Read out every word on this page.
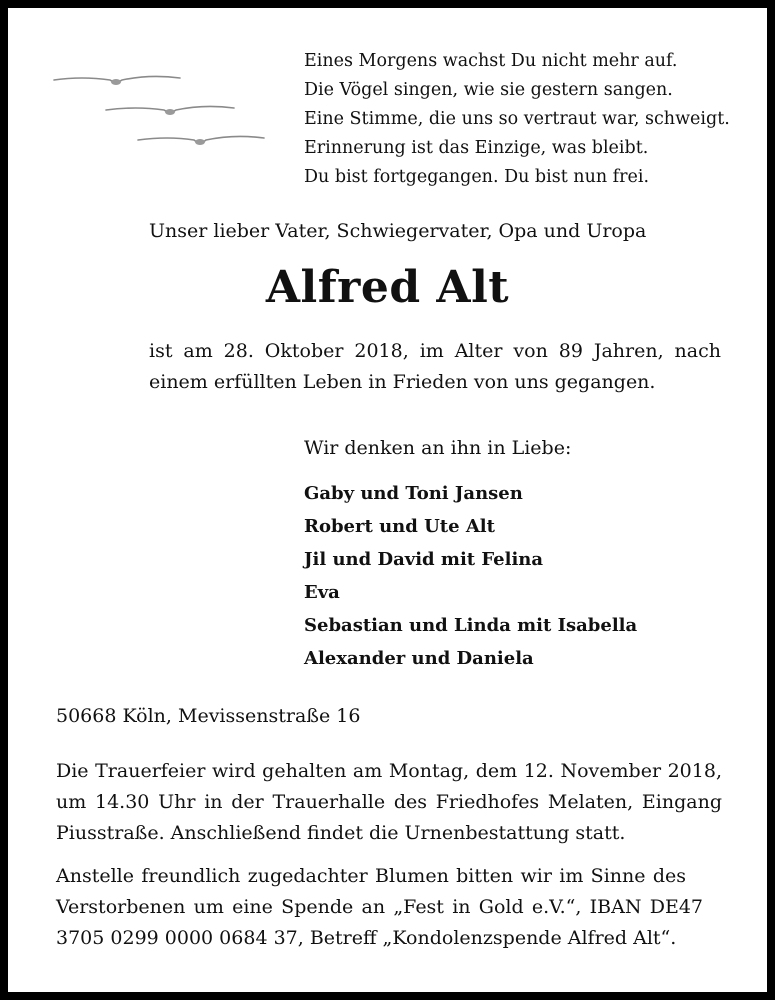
Eines Morgens wachst Du nicht mehr auf.
Die Vögel singen, wie sie gestern sangen.
Eine Stimme, die uns so vertraut war, schweigt.
Erinnerung ist das Einzige, was bleibt.
Du bist fortgegangen. Du bist nun frei.
Unser lieber Vater, Schwiegervater, Opa und Uropa
Alfred Alt
ist am 28. Oktober 2018, im Alter von 89 Jahren, nach
einem erfüllten Leben in Frieden von uns gegangen.
Wir denken an ihn in Liebe:
Gaby und Toni Jansen
Robert und Ute Alt
Jil und David mit Felina
Eva
Sebastian und Linda mit Isabella
Alexander und Daniela
50668 Köln, Mevissenstraße 16
Die Trauerfeier wird gehalten am Montag, dem 12. November 2018,
um 14.30 Uhr in der Trauerhalle des Friedhofes Melaten, Eingang
Piusstraße. Anschließend findet die Urnenbestattung statt.
Anstelle freundlich zugedachter Blumen bitten wir im Sinne des
Verstorbenen um eine Spende an „Fest in Gold e.V.“, IBAN DE47
3705 0299 0000 0684 37, Betreff „Kondolenzspende Alfred Alt“.
